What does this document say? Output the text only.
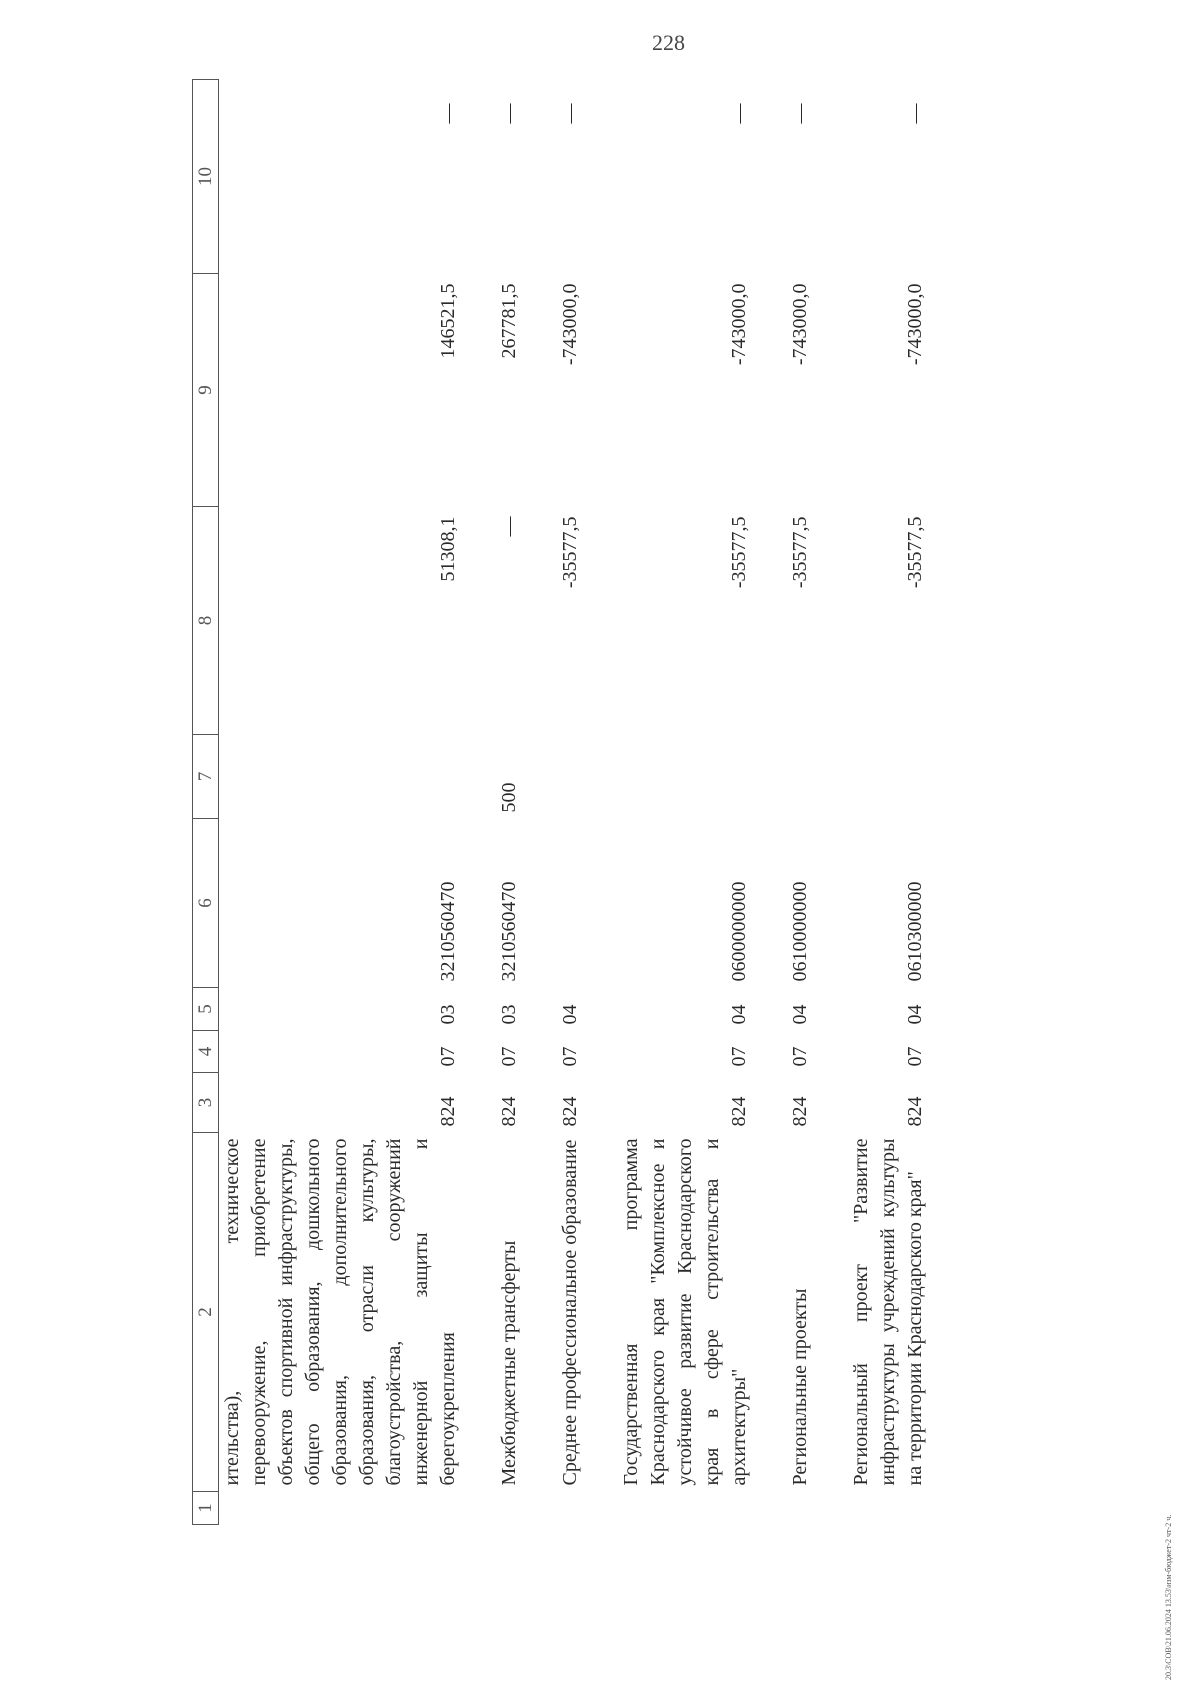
228
1	2	3	4	5	6	7	8	9	10
	ительства), техническое перевооружение, приобретение объектов спортивной инфраструктуры, общего образования, дошкольного образования, дополнительного образования, отрасли культуры, благоустройства, сооружений инженерной защиты и берегоукрепления	824	07	03	3210560470		51308,1	146521,5	—

	Межбюджетные трансферты	824	07	03	3210560470	500	—	267781,5	—

	Среднее профессиональное образование	824	07	04			-35577,5	-743000,0	—

	Государственная программа Краснодарского края "Комплексное и устойчивое развитие Краснодарского края в сфере строительства и архитектуры"	824	07	04	0600000000		-35577,5	-743000,0	—

	Региональные проекты	824	07	04	0610000000		-35577,5	-743000,0	—

	Региональный проект "Развитие инфраструктуры учреждений культуры на территории Краснодарского края"	824	07	04	0610300000		-35577,5	-743000,0	—
20.3\СОВ\21.06.2024 13.53\изм-бюджет-2 чт-2 ч.
